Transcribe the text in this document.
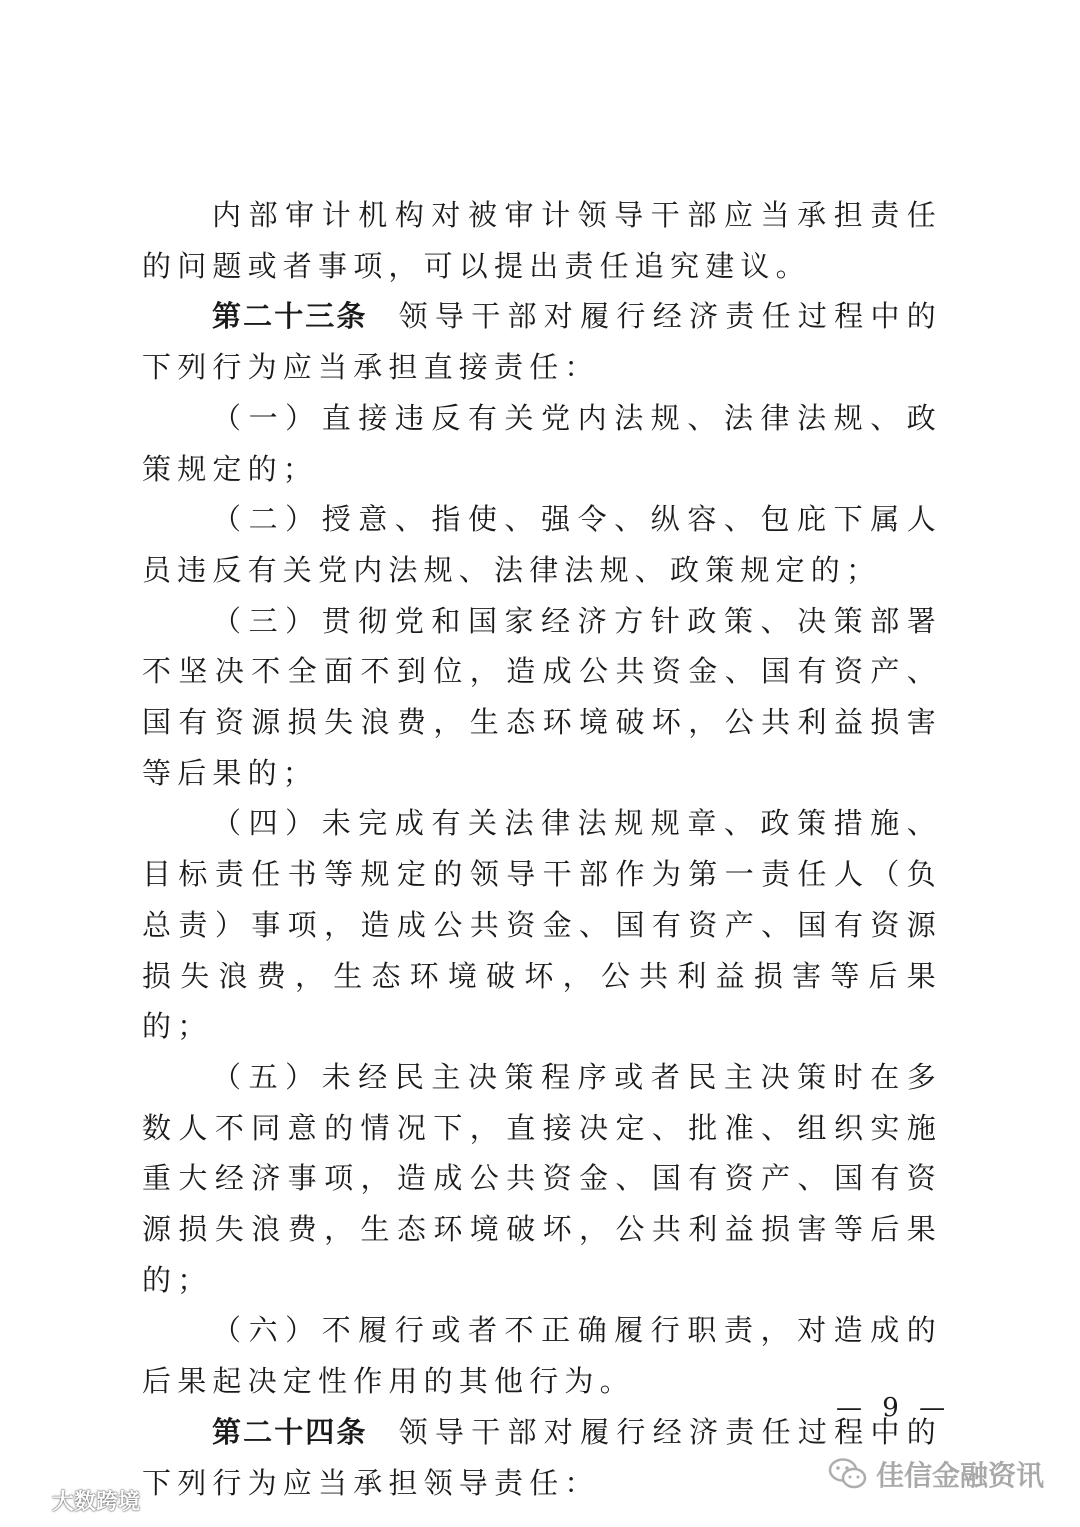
内部审计机构对被审计领导干部应当承担责任的问题或者事项，可以提出责任追究建议。

第二十三条 领导干部对履行经济责任过程中的下列行为应当承担直接责任：

（一）直接违反有关党内法规、法律法规、政策规定的；

（二）授意、指使、强令、纵容、包庇下属人员违反有关党内法规、法律法规、政策规定的；

（三）贯彻党和国家经济方针政策、决策部署不坚决不全面不到位，造成公共资金、国有资产、国有资源损失浪费，生态环境破坏，公共利益损害等后果的；

（四）未完成有关法律法规规章、政策措施、目标责任书等规定的领导干部作为第一责任人（负总责）事项，造成公共资金、国有资产、国有资源损失浪费，生态环境破坏，公共利益损害等后果的；

（五）未经民主决策程序或者民主决策时在多数人不同意的情况下，直接决定、批准、组织实施重大经济事项，造成公共资金、国有资产、国有资源损失浪费，生态环境破坏，公共利益损害等后果的；

（六）不履行或者不正确履行职责，对造成的后果起决定性作用的其他行为。

第二十四条 领导干部对履行经济责任过程中的下列行为应当承担领导责任：

— 9 —
佳信金融资讯
大数跨境
